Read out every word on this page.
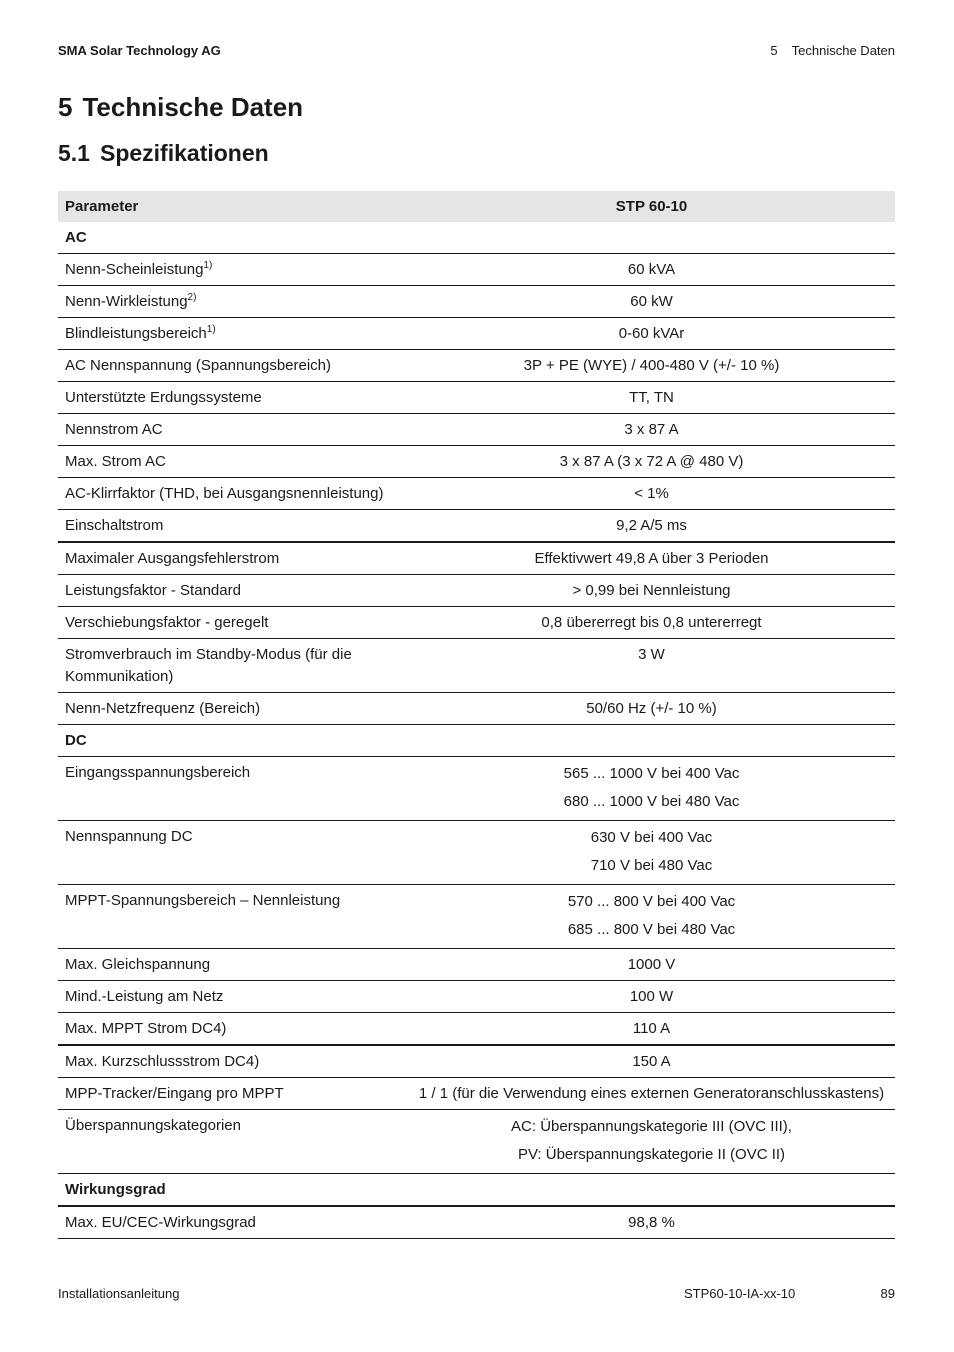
SMA Solar Technology AG	5 Technische Daten
5 Technische Daten
5.1 Spezifikationen
Parameter	STP 60-10
AC	
Nenn-Scheinleistung$^{1)}$	60 kVA
Nenn-Wirkleistung$^{2)}$	60 kW
Blindleistungsbereich$^{1)}$	0-60 kVAr
AC Nennspannung (Spannungsbereich)	3P + PE (WYE) / 400-480 V (+/- 10 %)
Unterstützte Erdungssysteme	TT, TN
Nennstrom AC	3 x 87 A
Max. Strom AC	3 x 87 A (3 x 72 A @ 480 V)
AC-Klirrfaktor (THD, bei Ausgangsnennleistung)	< 1%
Einschaltstrom	9,2 A/5 ms
Maximaler Ausgangsfehlerstrom	Effektivwert 49,8 A über 3 Perioden
Leistungsfaktor - Standard	> 0,99 bei Nennleistung
Verschiebungsfaktor - geregelt	0,8 übererregt bis 0,8 untererregt
Stromverbrauch im Standby-Modus (für die Kommunikation)	3 W
Nenn-Netzfrequenz (Bereich)	50/60 Hz (+/- 10 %)
DC	
Eingangsspannungsbereich	565 ... 1000 V bei 400 Vac
680 ... 1000 V bei 480 Vac

Nennspannung DC	630 V bei 400 Vac
710 V bei 480 Vac

MPPT-Spannungsbereich – Nennleistung	570 ... 800 V bei 400 Vac
685 ... 800 V bei 480 Vac

Max. Gleichspannung	1000 V
Mind.-Leistung am Netz	100 W
Max. MPPT Strom DC4)	110 A
Max. Kurzschlussstrom DC4)	150 A
MPP-Tracker/Eingang pro MPPT	1 / 1 (für die Verwendung eines externen Generatoranschlusskastens)
Überspannungskategorien	AC: Überspannungskategorie III (OVC III),
PV: Überspannungskategorie II (OVC II)

Wirkungsgrad	
Max. EU/CEC-Wirkungsgrad	98,8 %
Installationsanleitung	STP60-10-IA-xx-10	89
